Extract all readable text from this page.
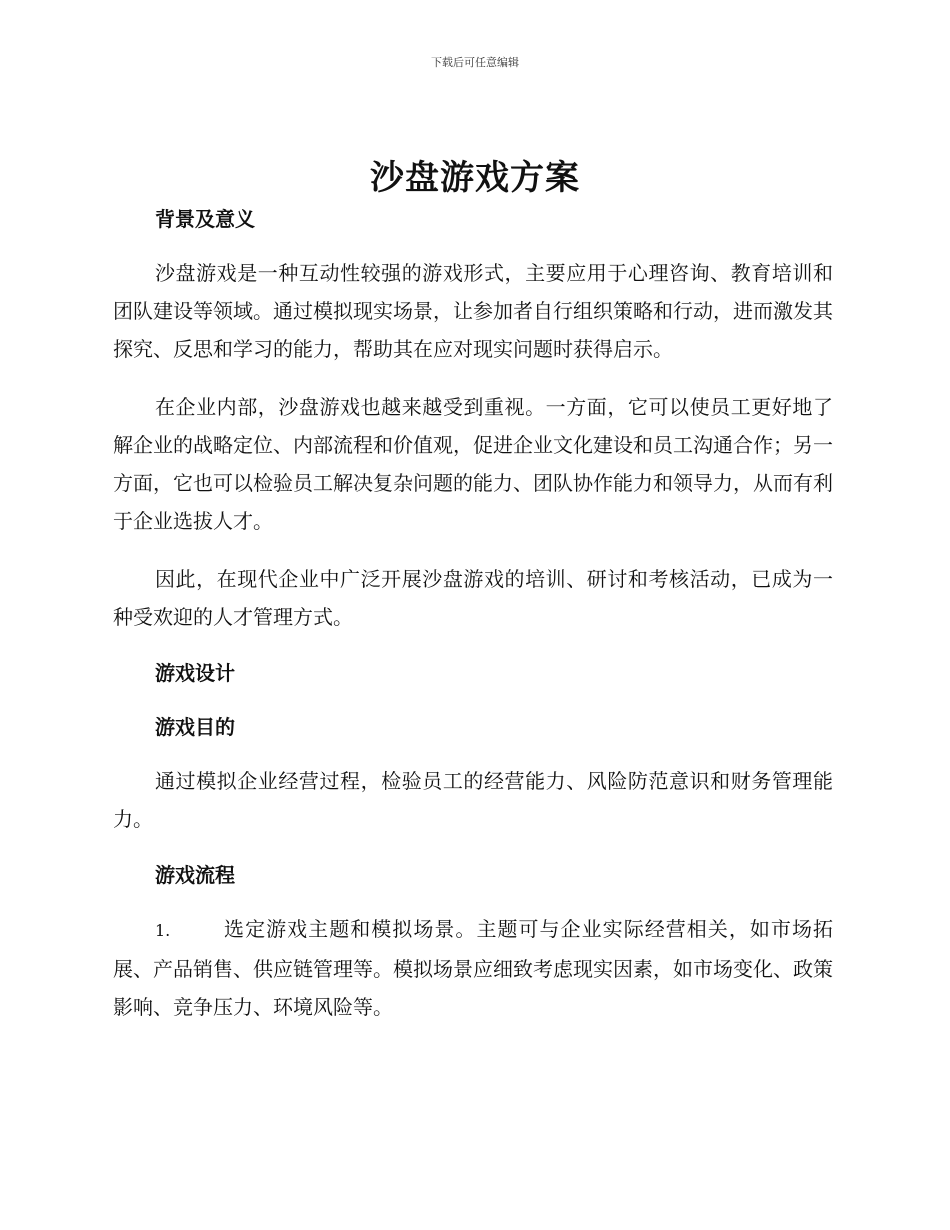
下载后可任意编辑
沙盘游戏方案
背景及意义

沙盘游戏是一种互动性较强的游戏形式，主要应用于心理咨询、教育培训和团队建设等领域。通过模拟现实场景，让参加者自行组织策略和行动，进而激发其探究、反思和学习的能力，帮助其在应对现实问题时获得启示。

在企业内部，沙盘游戏也越来越受到重视。一方面，它可以使员工更好地了解企业的战略定位、内部流程和价值观，促进企业文化建设和员工沟通合作；另一方面，它也可以检验员工解决复杂问题的能力、团队协作能力和领导力，从而有利于企业选拔人才。

因此，在现代企业中广泛开展沙盘游戏的培训、研讨和考核活动，已成为一种受欢迎的人才管理方式。

游戏设计
游戏目的

通过模拟企业经营过程，检验员工的经营能力、风险防范意识和财务管理能力。

游戏流程

1.	选定游戏主题和模拟场景。主题可与企业实际经营相关，如市场拓展、产品销售、供应链管理等。模拟场景应细致考虑现实因素，如市场变化、政策影响、竞争压力、环境风险等。
